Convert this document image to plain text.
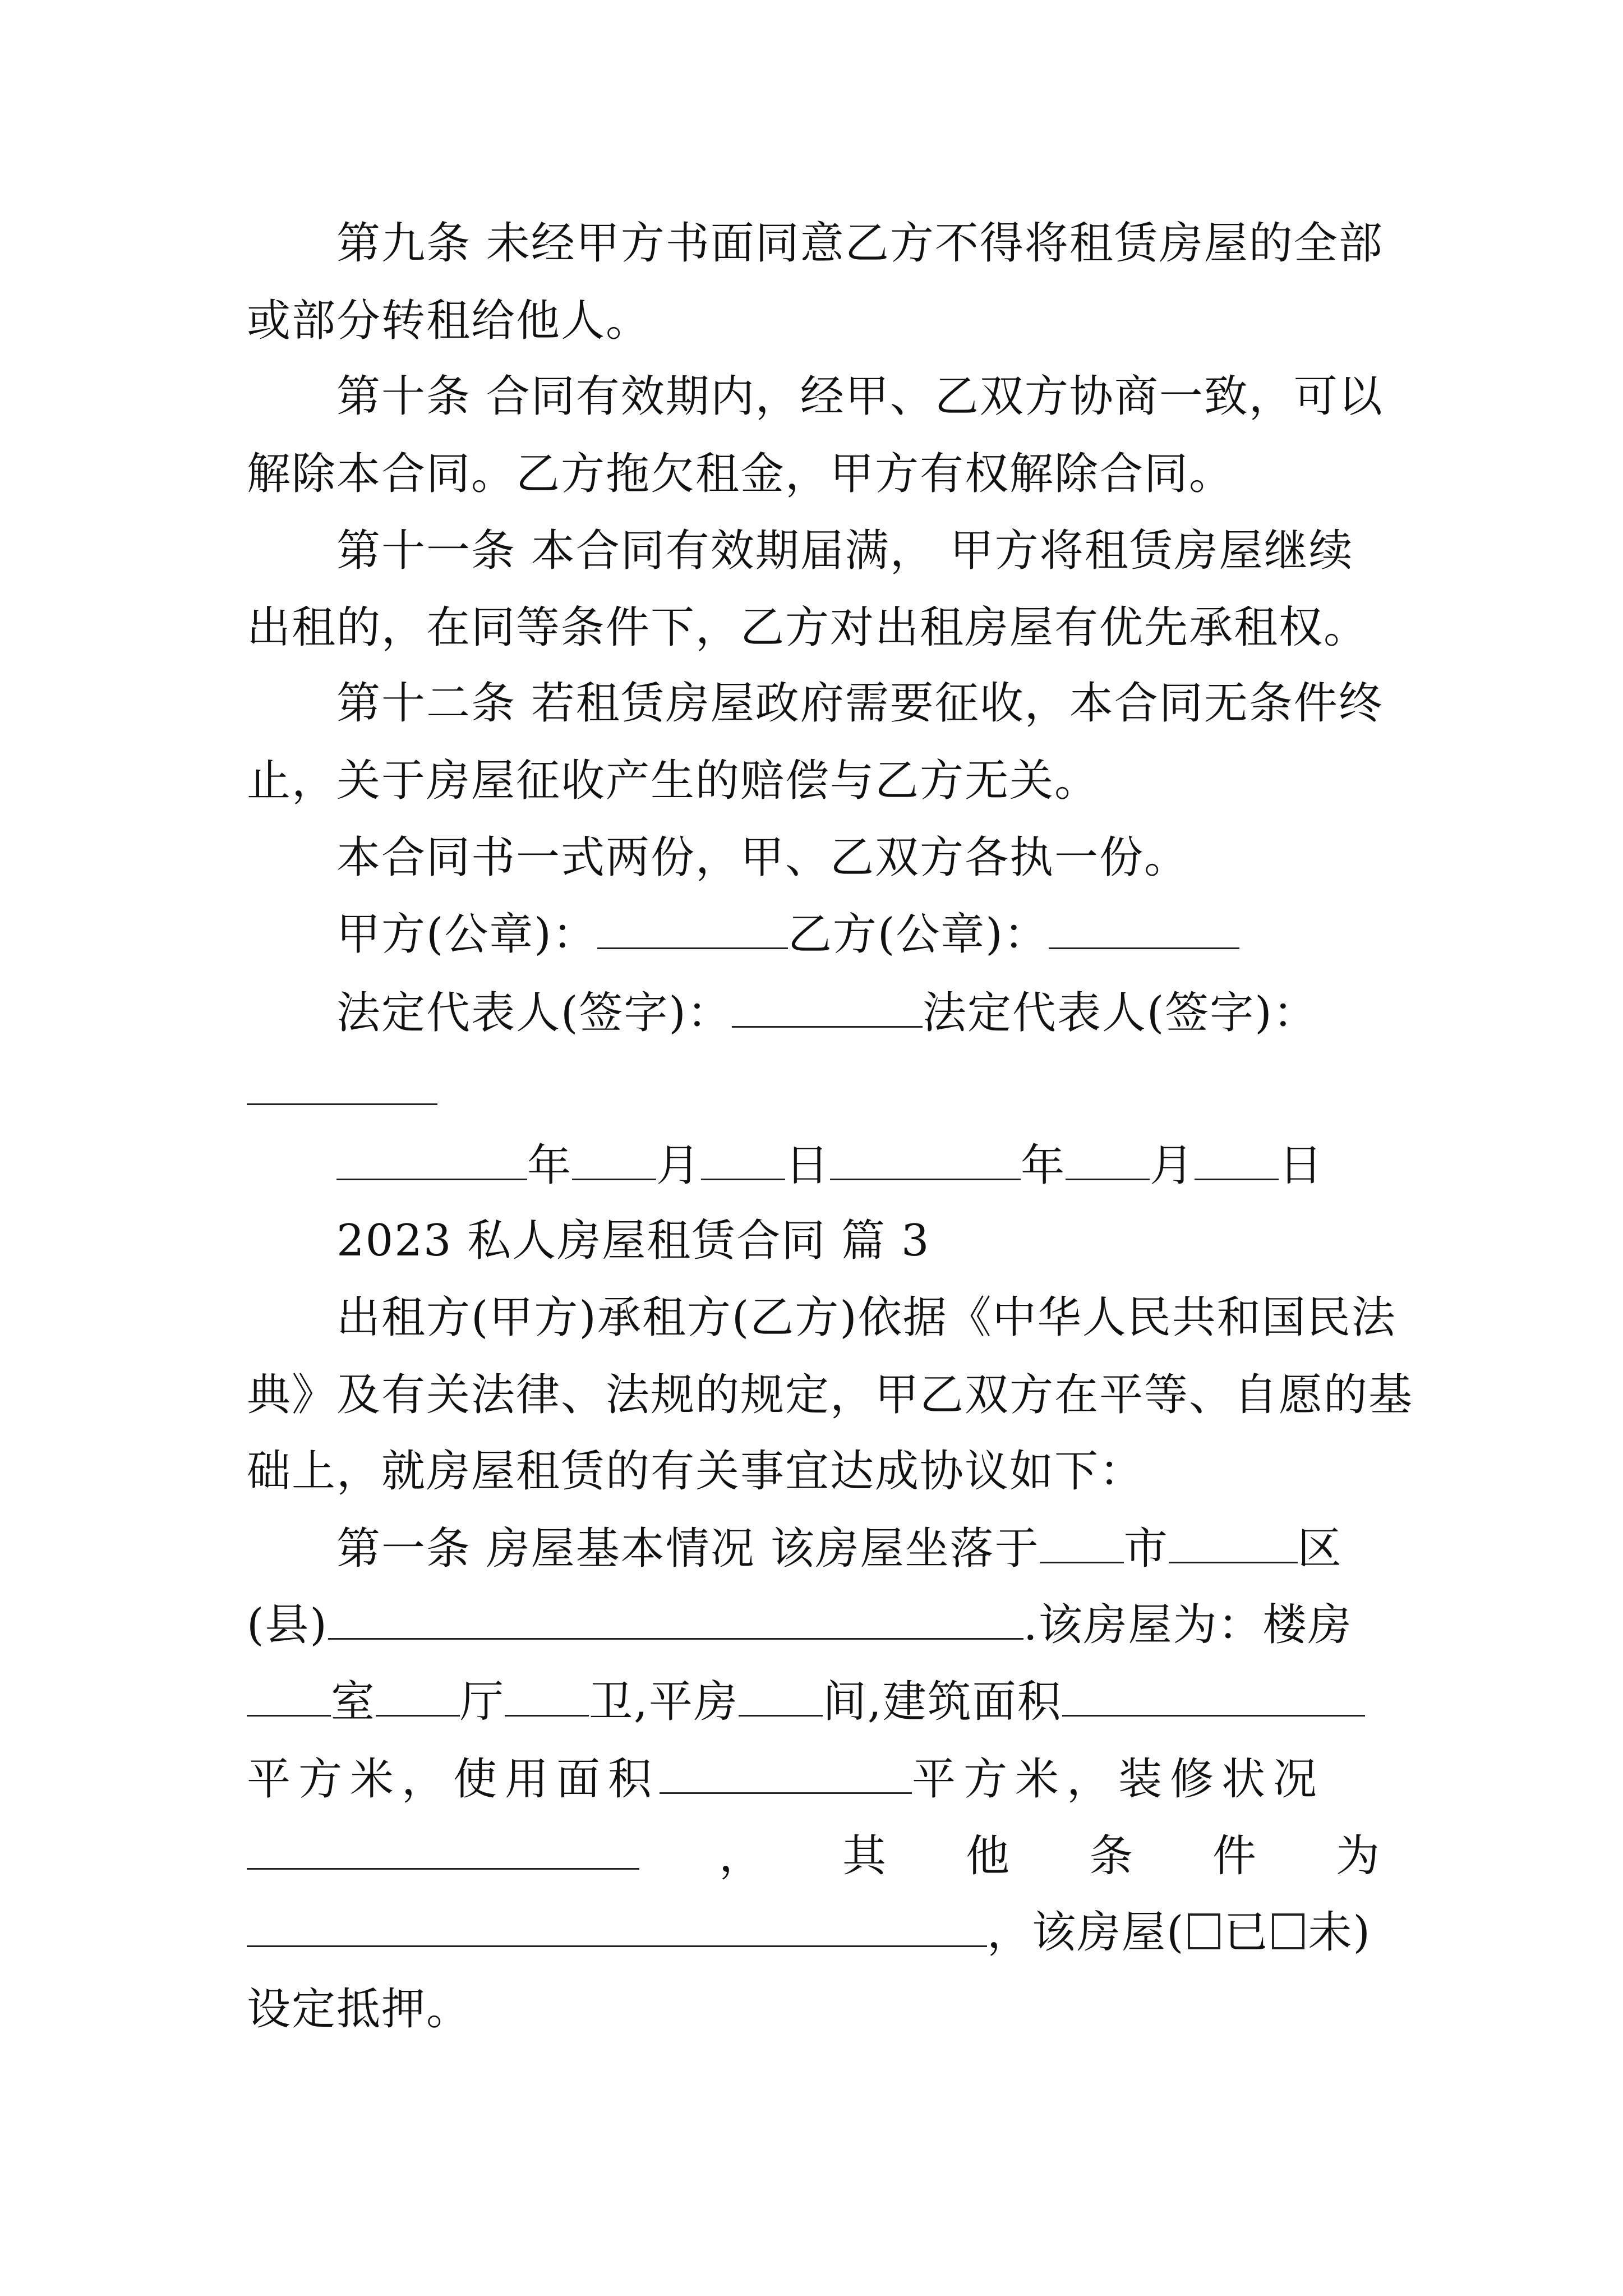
第九条 未经甲方书面同意乙方不得将租赁房屋的全部
或部分转租给他人。
第十条 合同有效期内，经甲、乙双方协商一致，可以
解除本合同。乙方拖欠租金，甲方有权解除合同。
第十一条 本合同有效期届满， 甲方将租赁房屋继续
出租的，在同等条件下，乙方对出租房屋有优先承租权。
第十二条 若租赁房屋政府需要征收，本合同无条件终
止，关于房屋征收产生的赔偿与乙方无关。
本合同书一式两份，甲、乙双方各执一份。
甲方(公章)：	乙方(公章)：
法定代表人(签字)：	法定代表人(签字)：
年 月 日	年 月 日
2023 私人房屋租赁合同 篇 3
出租方(甲方)承租方(乙方)依据《中华人民共和国民法
典》及有关法律、法规的规定，甲乙双方在平等、自愿的基
础上，就房屋租赁的有关事宜达成协议如下：
第一条 房屋基本情况 该房屋坐落于 市	区
(县)	.该房屋为：楼房
室 厅 卫,平房 间,建筑面积
平方米，使用面积	平方米，装修状况
， 其 他 条 件 为
，该房屋( 已 未)
设定抵押。
